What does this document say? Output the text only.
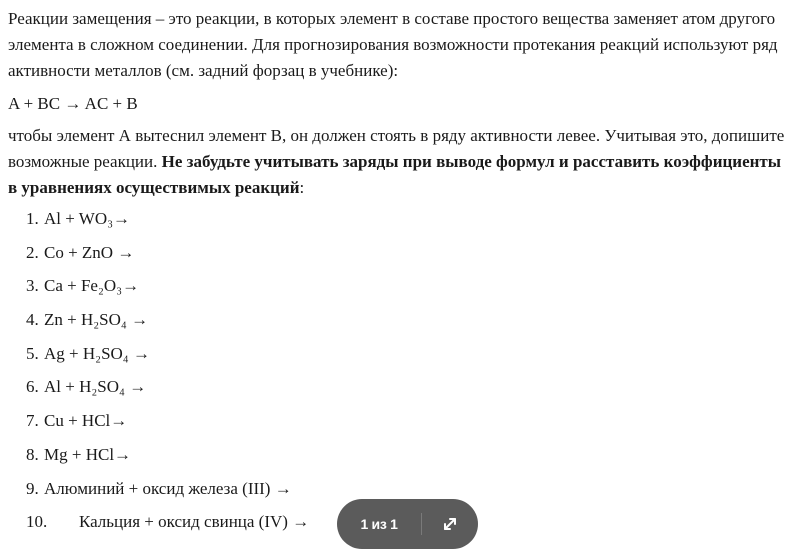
Реакции замещения – это реакции, в которых элемент в составе простого вещества заменяет атом другого элемента в сложном соединении. Для прогнозирования возможности протекания реакций используют ряд активности металлов (см. задний форзац в учебнике):

A + BC → AC + B

чтобы элемент А вытеснил элемент В, он должен стоять в ряду активности левее. Учитывая это, допишите возможные реакции. Не забудьте учитывать заряды при выводе формул и расставить коэффициенты в уравнениях осуществимых реакций:

1. Al + WO₃→
2. Co + ZnO →
3. Ca + Fe₂O₃→
4. Zn + H₂SO₄ →
5. Ag + H₂SO₄ →
6. Al + H₂SO₄ →
7. Cu + HCl→
8. Mg + HCl→
9. Алюминий + оксид железа (III) →
10. Кальция + оксид свинца (IV) →	1 из 1
